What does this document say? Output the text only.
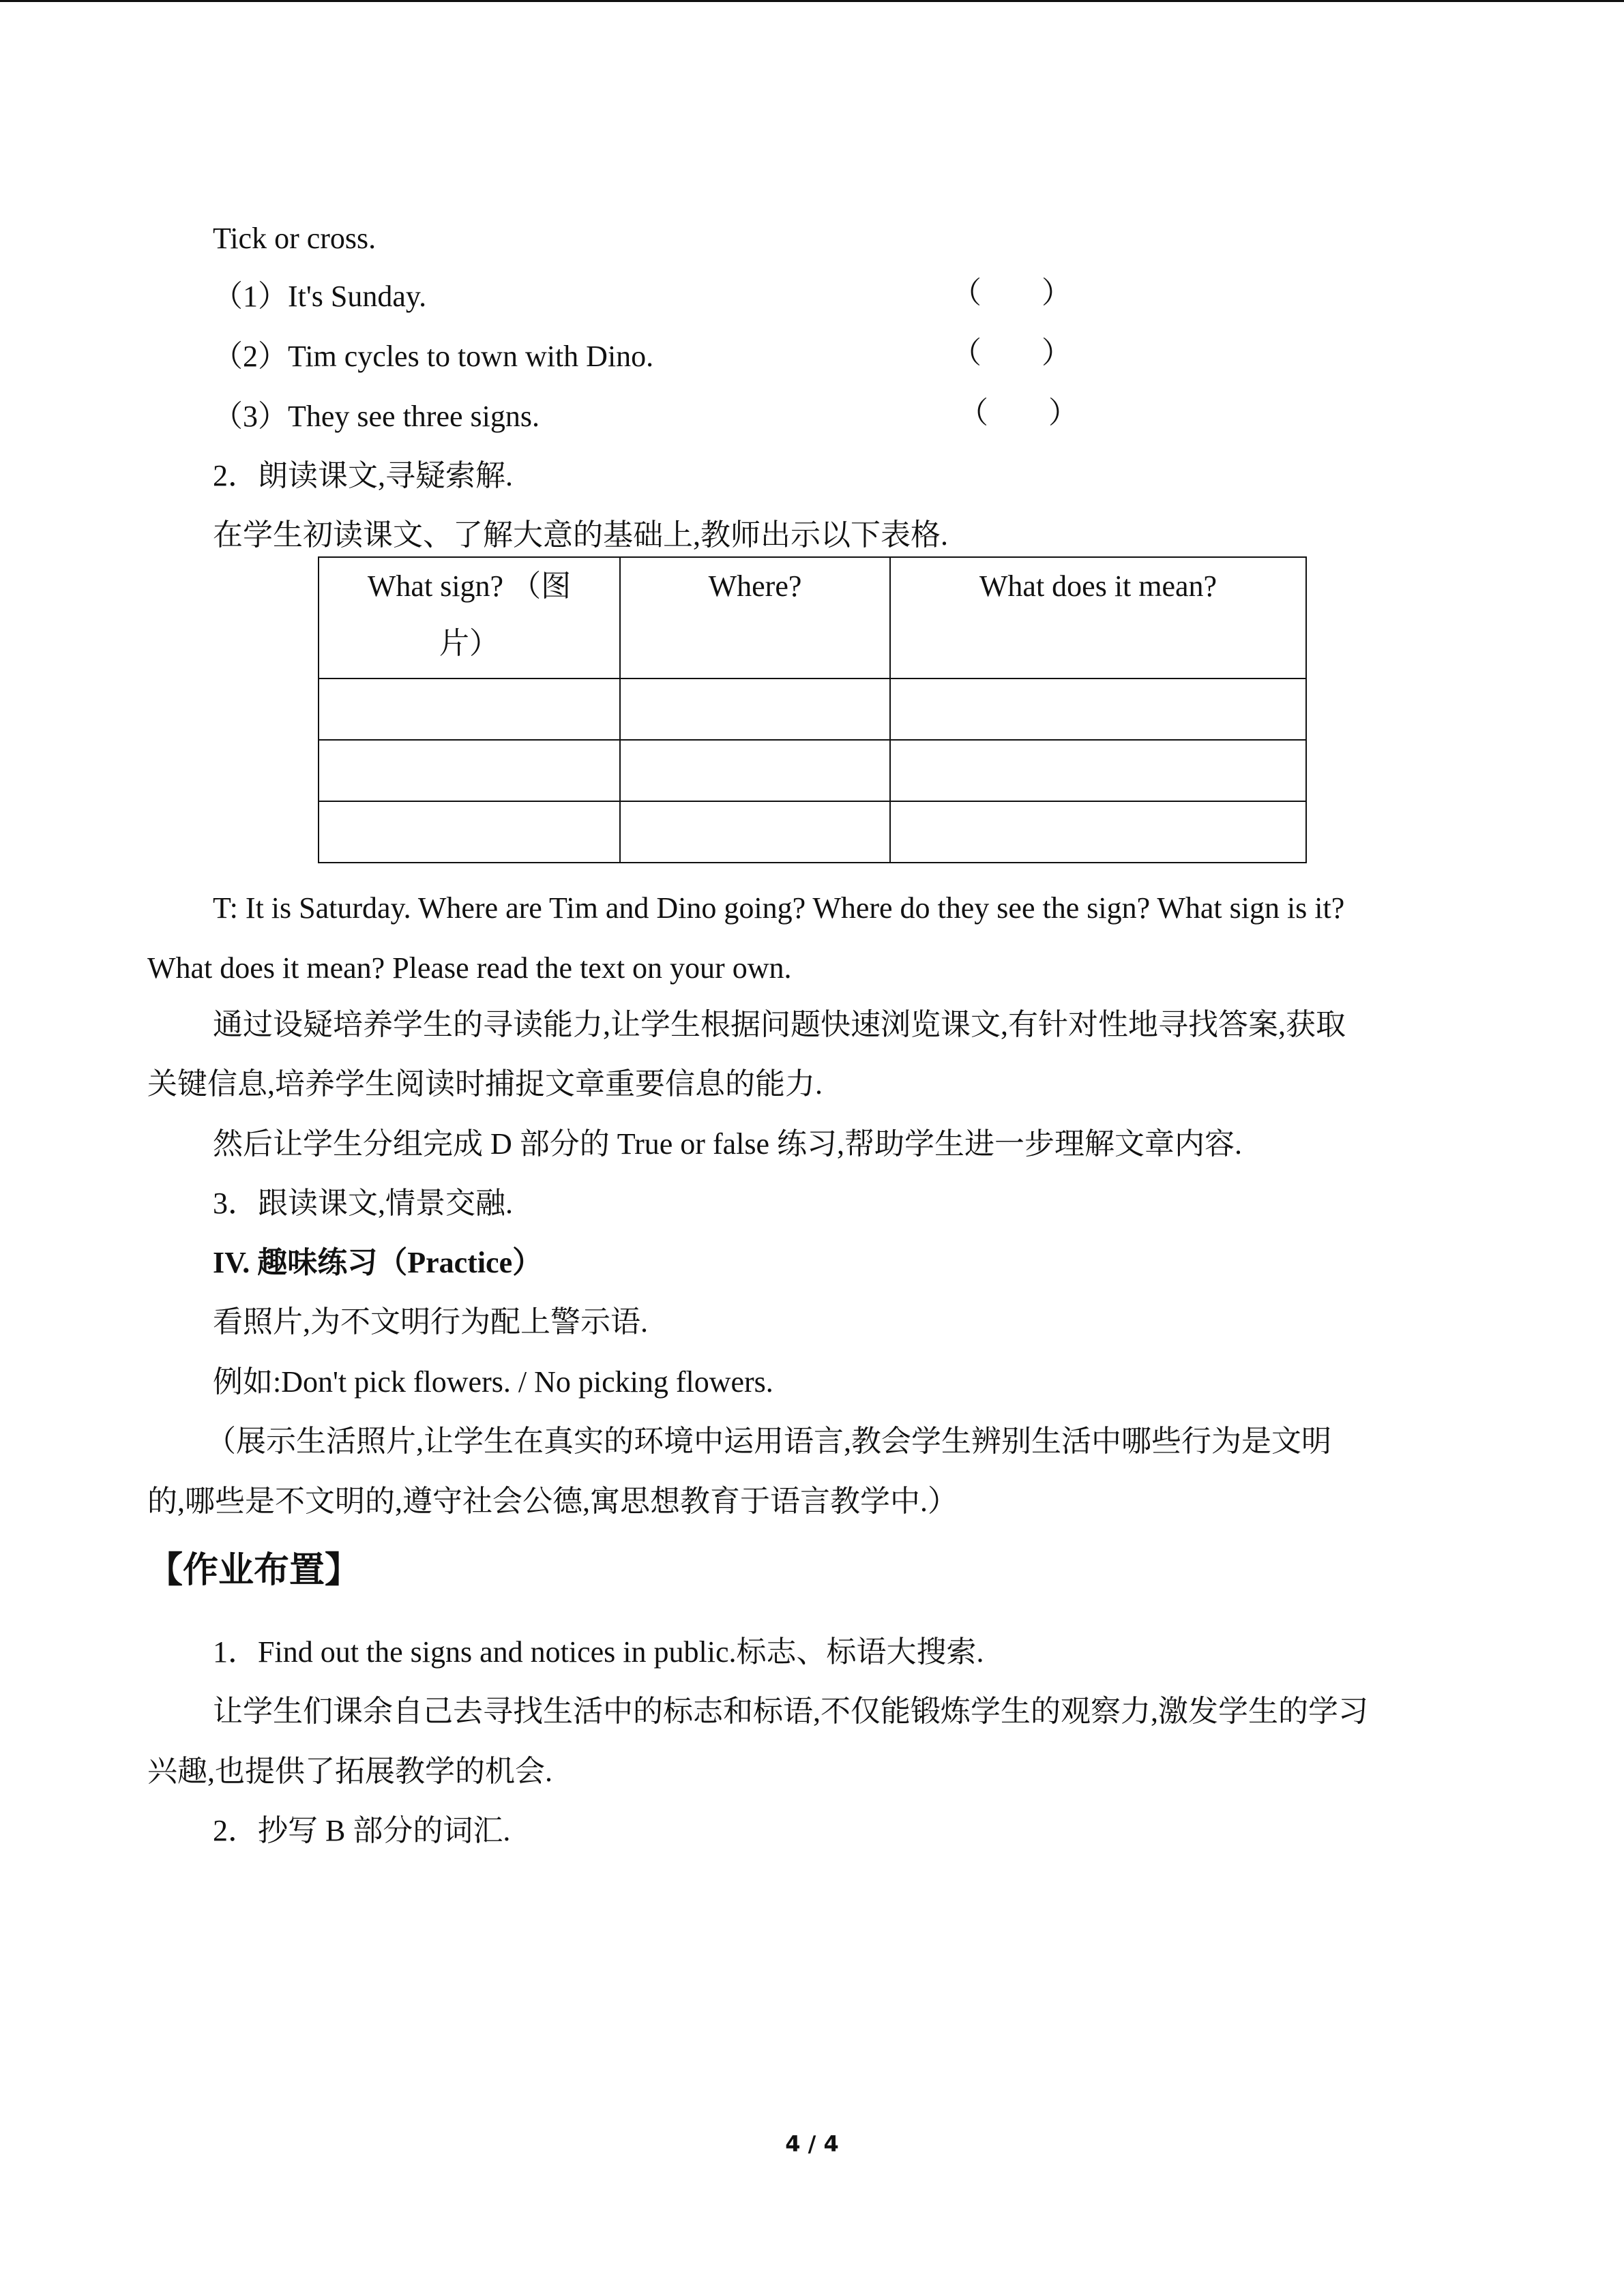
Tick or cross.
（1）It's Sunday.	（　　）
（2）Tim cycles to town with Dino.	（　　）
（3）They see three signs.	（　　）
2．朗读课文,寻疑索解.
在学生初读课文、了解大意的基础上,教师出示以下表格.
What sign? （图片）	Where?	What does it mean?

T: It is Saturday. Where are Tim and Dino going? Where do they see the sign? What sign is it?
What does it mean? Please read the text on your own.
通过设疑培养学生的寻读能力,让学生根据问题快速浏览课文,有针对性地寻找答案,获取
关键信息,培养学生阅读时捕捉文章重要信息的能力.
然后让学生分组完成 D 部分的 True or false 练习,帮助学生进一步理解文章内容.
3．跟读课文,情景交融.
IV. 趣味练习（Practice）
看照片,为不文明行为配上警示语.
例如:Don't pick flowers. / No picking flowers.
（展示生活照片,让学生在真实的环境中运用语言,教会学生辨别生活中哪些行为是文明
的,哪些是不文明的,遵守社会公德,寓思想教育于语言教学中.）
【作业布置】
1．Find out the signs and notices in public.标志、标语大搜索.
让学生们课余自己去寻找生活中的标志和标语,不仅能锻炼学生的观察力,激发学生的学习
兴趣,也提供了拓展教学的机会.
2．抄写 B 部分的词汇.
4 / 4
